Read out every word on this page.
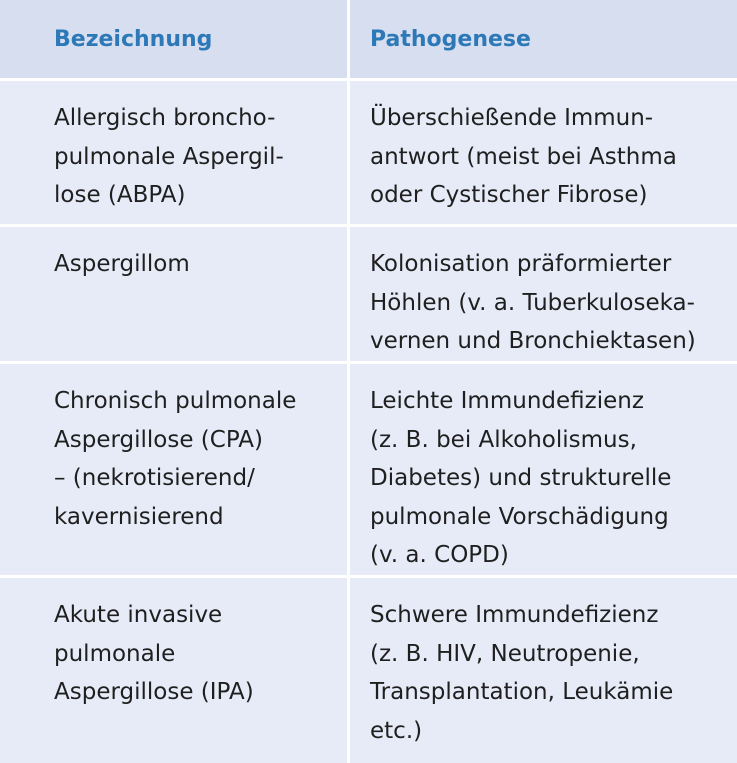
Bezeichnung	Pathogenese
Allergisch broncho-
pulmonale Aspergil-
lose (ABPA)
Überschießende Immun-
antwort (meist bei Asthma
oder Cystischer Fibrose)
Aspergillom	Kolonisation präformierter
Höhlen (v. a. Tuberkuloseka-
vernen und Bronchiektasen)
Chronisch pulmonale
Aspergillose (CPA)
– (nekrotisierend/
kavernisierend
Leichte Immundefizienz
(z. B. bei Alkoholismus,
Diabetes) und strukturelle
pulmonale Vorschädigung
(v. a. COPD)
Akute invasive
pulmonale
Aspergillose (IPA)
Schwere Immundefizienz
(z. B. HIV, Neutropenie,
Transplantation, Leukämie
etc.)
